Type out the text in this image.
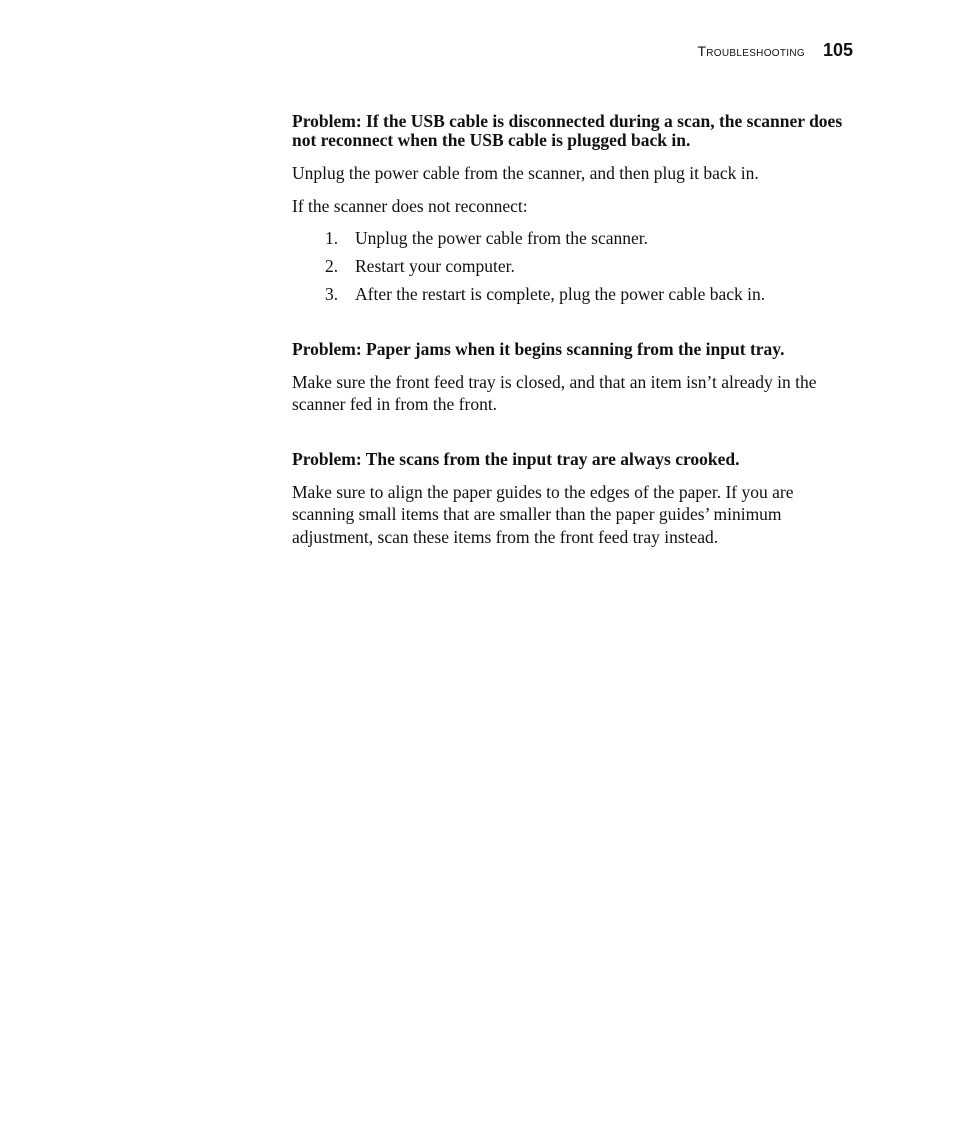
Troubleshooting 105
Problem: If the USB cable is disconnected during a scan, the scanner does not reconnect when the USB cable is plugged back in.

Unplug the power cable from the scanner, and then plug it back in.

If the scanner does not reconnect:

1. Unplug the power cable from the scanner.
2. Restart your computer.
3. After the restart is complete, plug the power cable back in.
Problem: Paper jams when it begins scanning from the input tray.

Make sure the front feed tray is closed, and that an item isn’t already in the scanner fed in from the front.

Problem: The scans from the input tray are always crooked.

Make sure to align the paper guides to the edges of the paper. If you are scanning small items that are smaller than the paper guides’ minimum adjustment, scan these items from the front feed tray instead.
